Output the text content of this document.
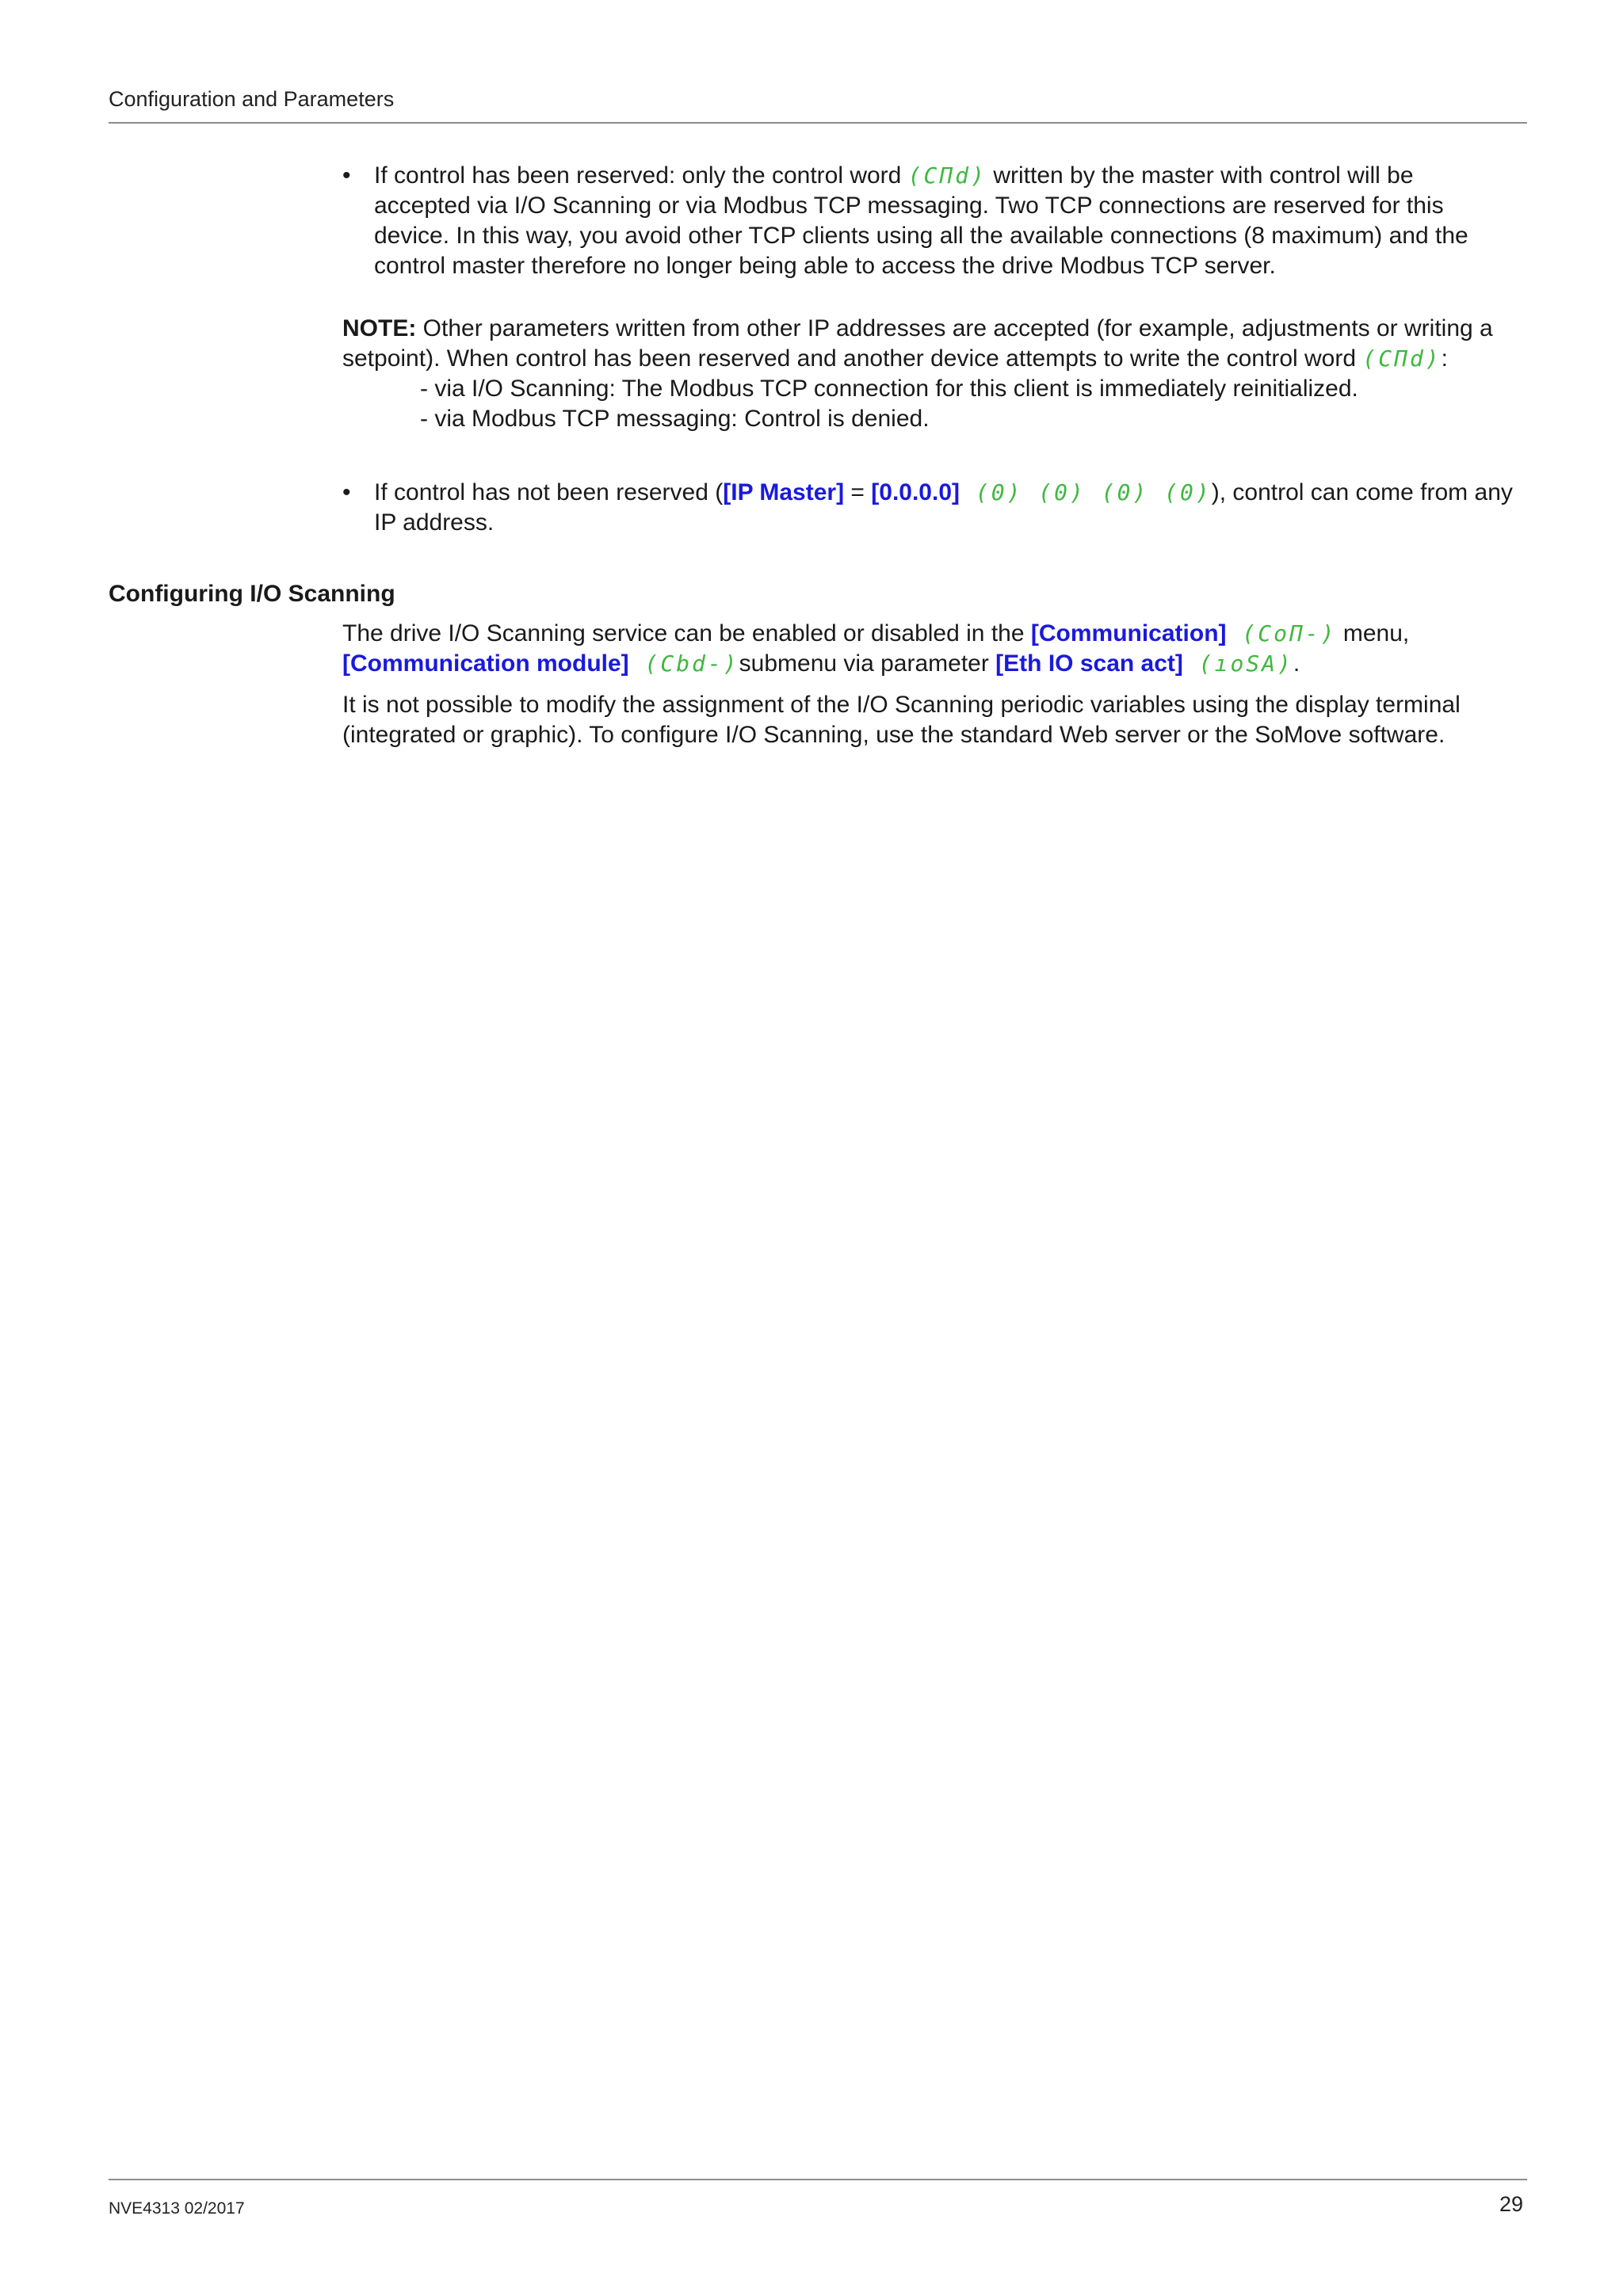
Configuration and Parameters
• If control has been reserved: only the control word (CΠd) written by the master with control will be accepted via I/O Scanning or via Modbus TCP messaging. Two TCP connections are reserved for this device. In this way, you avoid other TCP clients using all the available connections (8 maximum) and the control master therefore no longer being able to access the drive Modbus TCP server.

NOTE: Other parameters written from other IP addresses are accepted (for example, adjustments or writing a setpoint). When control has been reserved and another device attempts to write the control word (CΠd):
- via I/O Scanning: The Modbus TCP connection for this client is immediately reinitialized.
- via Modbus TCP messaging: Control is denied.

• If control has not been reserved ([IP Master] = [0.0.0.0] (0) (0) (0) (0)), control can come from any IP address.

Configuring I/O Scanning

The drive I/O Scanning service can be enabled or disabled in the [Communication] (CoΠ-) menu, [Communication module] (Cbd-)submenu via parameter [Eth IO scan act] (ıoSA).

It is not possible to modify the assignment of the I/O Scanning periodic variables using the display terminal (integrated or graphic). To configure I/O Scanning, use the standard Web server or the SoMove software.

NVE4313 02/2017	29
